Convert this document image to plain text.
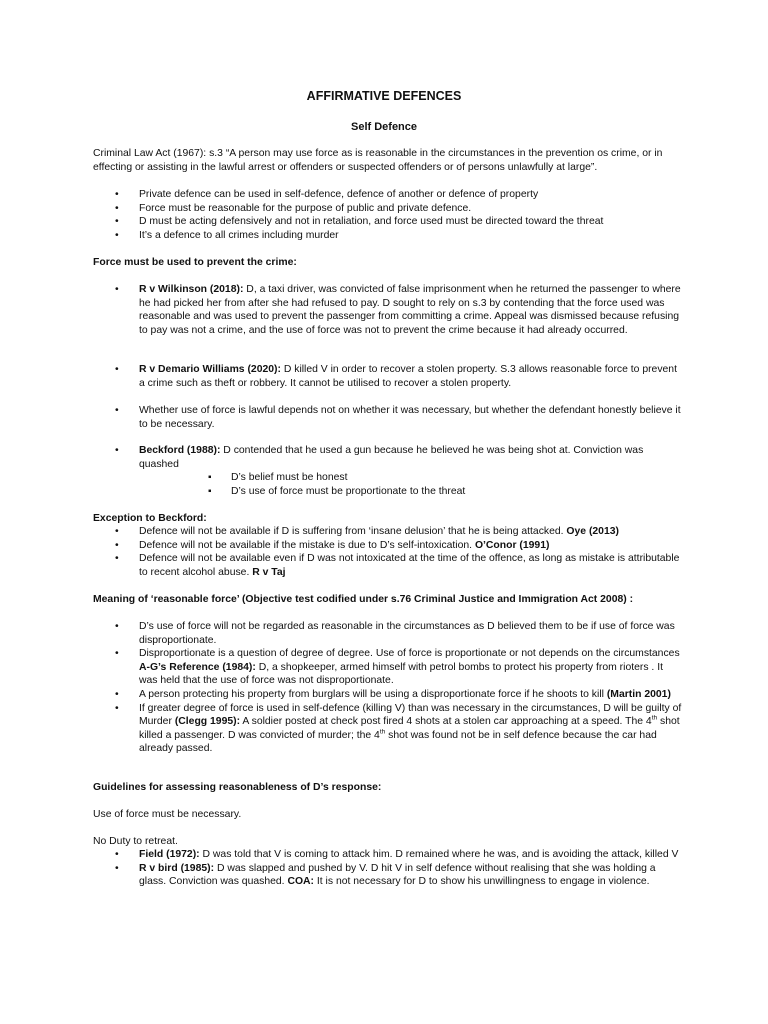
AFFIRMATIVE DEFENCES

Self Defence

Criminal Law Act (1967): s.3 “A person may use force as is reasonable in the circumstances in the prevention os crime, or in effecting or assisting in the lawful arrest or offenders or suspected offenders or of persons unlawfully at large”.

• Private defence can be used in self-defence, defence of another or defence of property
• Force must be reasonable for the purpose of public and private defence.
• D must be acting defensively and not in retaliation, and force used must be directed toward the threat
• It’s a defence to all crimes including murder

Force must be used to prevent the crime:

• R v Wilkinson (2018): D, a taxi driver, was convicted of false imprisonment when he returned the passenger to where he had picked her from after she had refused to pay. D sought to rely on s.3 by contending that the force used was reasonable and was used to prevent the passenger from committing a crime. Appeal was dismissed because refusing to pay was not a crime, and the use of force was not to prevent the crime because it had already occurred.
• R v Demario Williams (2020): D killed V in order to recover a stolen property. S.3 allows reasonable force to prevent a crime such as theft or robbery. It cannot be utilised to recover a stolen property.
• Whether use of force is lawful depends not on whether it was necessary, but whether the defendant honestly believe it to be necessary.
• Beckford (1988): D contended that he used a gun because he believed he was being shot at. Conviction was quashed
▪ D’s belief must be honest
▪ D’s use of force must be proportionate to the threat

Exception to Beckford:

• Defence will not be available if D is suffering from ‘insane delusion’ that he is being attacked. Oye (2013)
• Defence will not be available if the mistake is due to D’s self-intoxication. O’Conor (1991)
• Defence will not be available even if D was not intoxicated at the time of the offence, as long as mistake is attributable to recent alcohol abuse. R v Taj

Meaning of ‘reasonable force’ (Objective test codified under s.76 Criminal Justice and Immigration Act 2008) :

• D’s use of force will not be regarded as reasonable in the circumstances as D believed them to be if use of force was disproportionate.
• Disproportionate is a question of degree of degree. Use of force is proportionate or not depends on the circumstances A-G’s Reference (1984): D, a shopkeeper, armed himself with petrol bombs to protect his property from rioters . It was held that the use of force was not disproportionate.
• A person protecting his property from burglars will be using a disproportionate force if he shoots to kill (Martin 2001)
• If greater degree of force is used in self-defence (killing V) than was necessary in the circumstances, D will be guilty of Murder (Clegg 1995): A soldier posted at check post fired 4 shots at a stolen car approaching at a speed. The 4th shot killed a passenger. D was convicted of murder; the 4th shot was found not be in self defence because the car had already passed.

Guidelines for assessing reasonableness of D’s response:

Use of force must be necessary.

No Duty to retreat.

• Field (1972): D was told that V is coming to attack him. D remained where he was, and is avoiding the attack, killed V
• R v bird (1985): D was slapped and pushed by V. D hit V in self defence without realising that she was holding a glass. Conviction was quashed. COA: It is not necessary for D to show his unwillingness to engage in violence.
